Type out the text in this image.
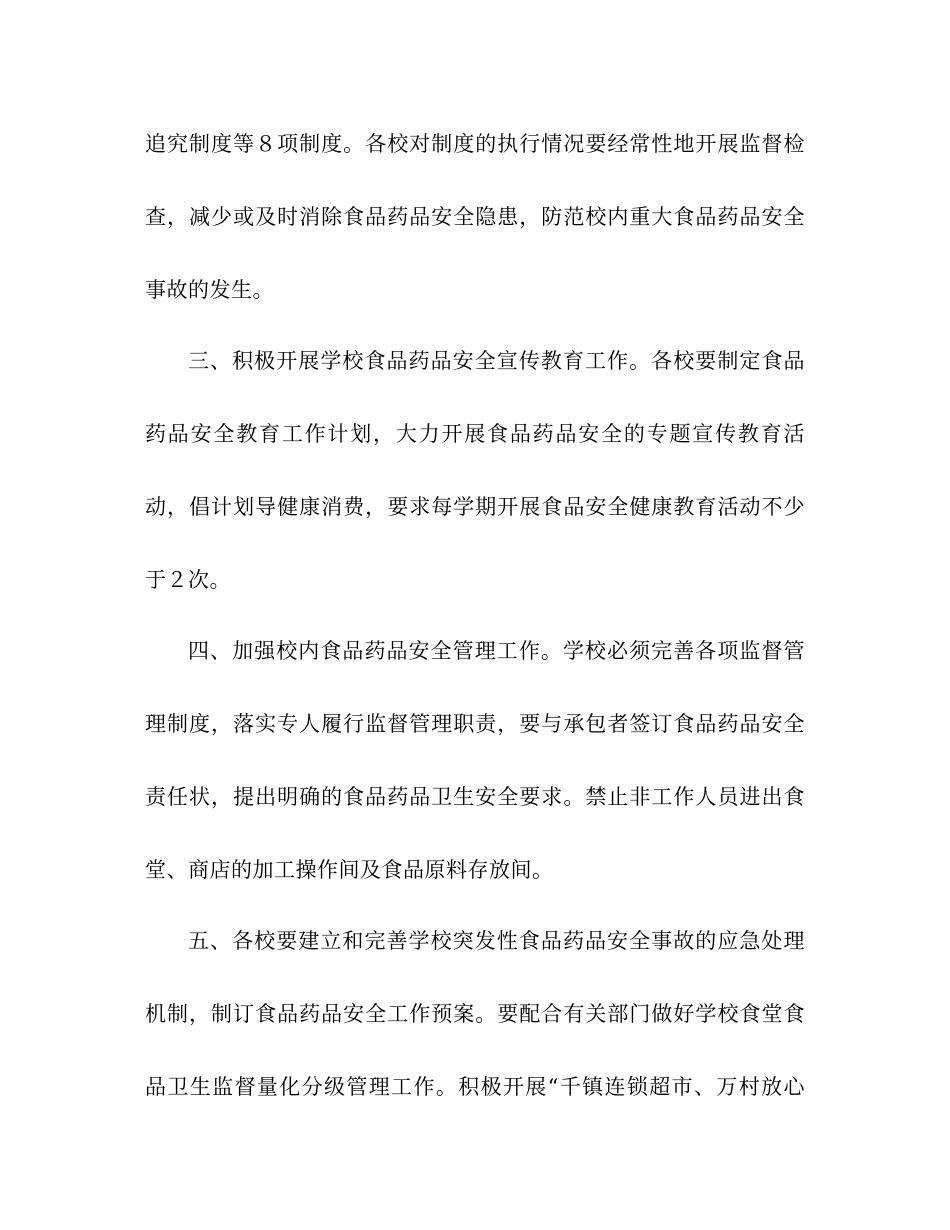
追究制度等８项制度。各校对制度的执行情况要经常性地开展监督检
查，减少或及时消除食品药品安全隐患，防范校内重大食品药品安全
事故的发生。
三、积极开展学校食品药品安全宣传教育工作。各校要制定食品
药品安全教育工作计划，大力开展食品药品安全的专题宣传教育活
动，倡计划导健康消费，要求每学期开展食品安全健康教育活动不少
于２次。
四、加强校内食品药品安全管理工作。学校必须完善各项监督管
理制度，落实专人履行监督管理职责，要与承包者签订食品药品安全
责任状，提出明确的食品药品卫生安全要求。禁止非工作人员进出食
堂、商店的加工操作间及食品原料存放间。
五、各校要建立和完善学校突发性食品药品安全事故的应急处理
机制，制订食品药品安全工作预案。要配合有关部门做好学校食堂食
品卫生监督量化分级管理工作。积极开展“千镇连锁超市、万村放心
